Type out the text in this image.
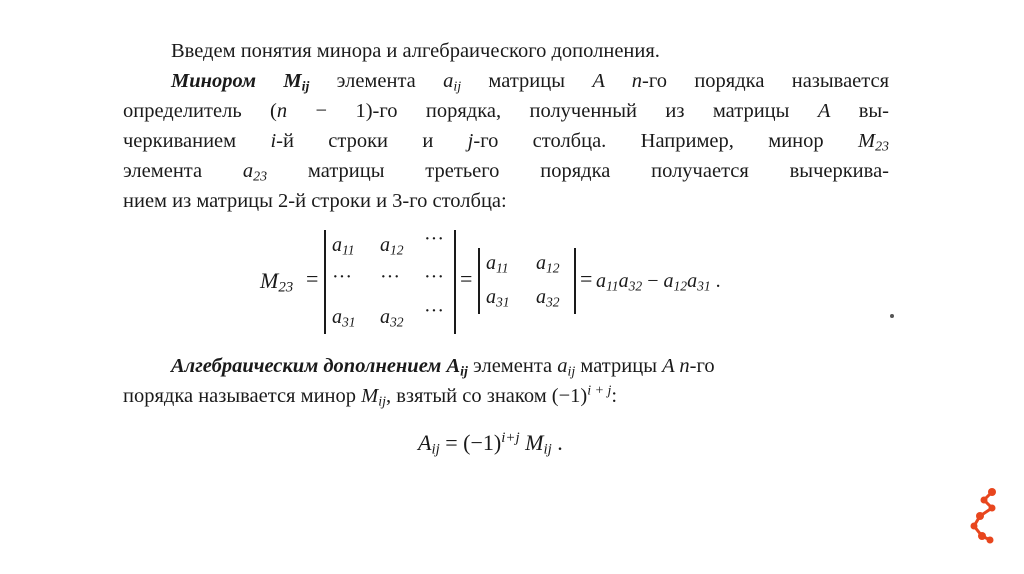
Введем понятия минора и алгебраического дополнения.
Минором $M_{ij}$ элемента $a_{ij}$ матрицы A n-го порядка называется
определитель (n − 1)-го порядка, полученный из матрицы A вы-
черкиванием i-й строки и j-го столбца. Например, минор $M_{23}$
элемента $a_{23}$ матрицы третьего порядка получается вычеркива-
нием из матрицы 2-й строки и 3-го столбца:
$M_{23}$ =
$a_{11}$ $a_{12}$ ···
··· ··· ···
$a_{31}$ $a_{32}$ ···
=
$a_{11}$ $a_{12}$
$a_{31}$ $a_{32}$
= $a_{11}a_{32} - a_{12}a_{31}$ .
Алгебраическим дополнением $A_{ij}$ элемента $a_{ij}$ матрицы A n-го
порядка называется минор $M_{ij}$, взятый со знаком $(-1)^{i + j}$:
$A_{ij} = (-1)^{i+j}$ $M_{ij}$ .
